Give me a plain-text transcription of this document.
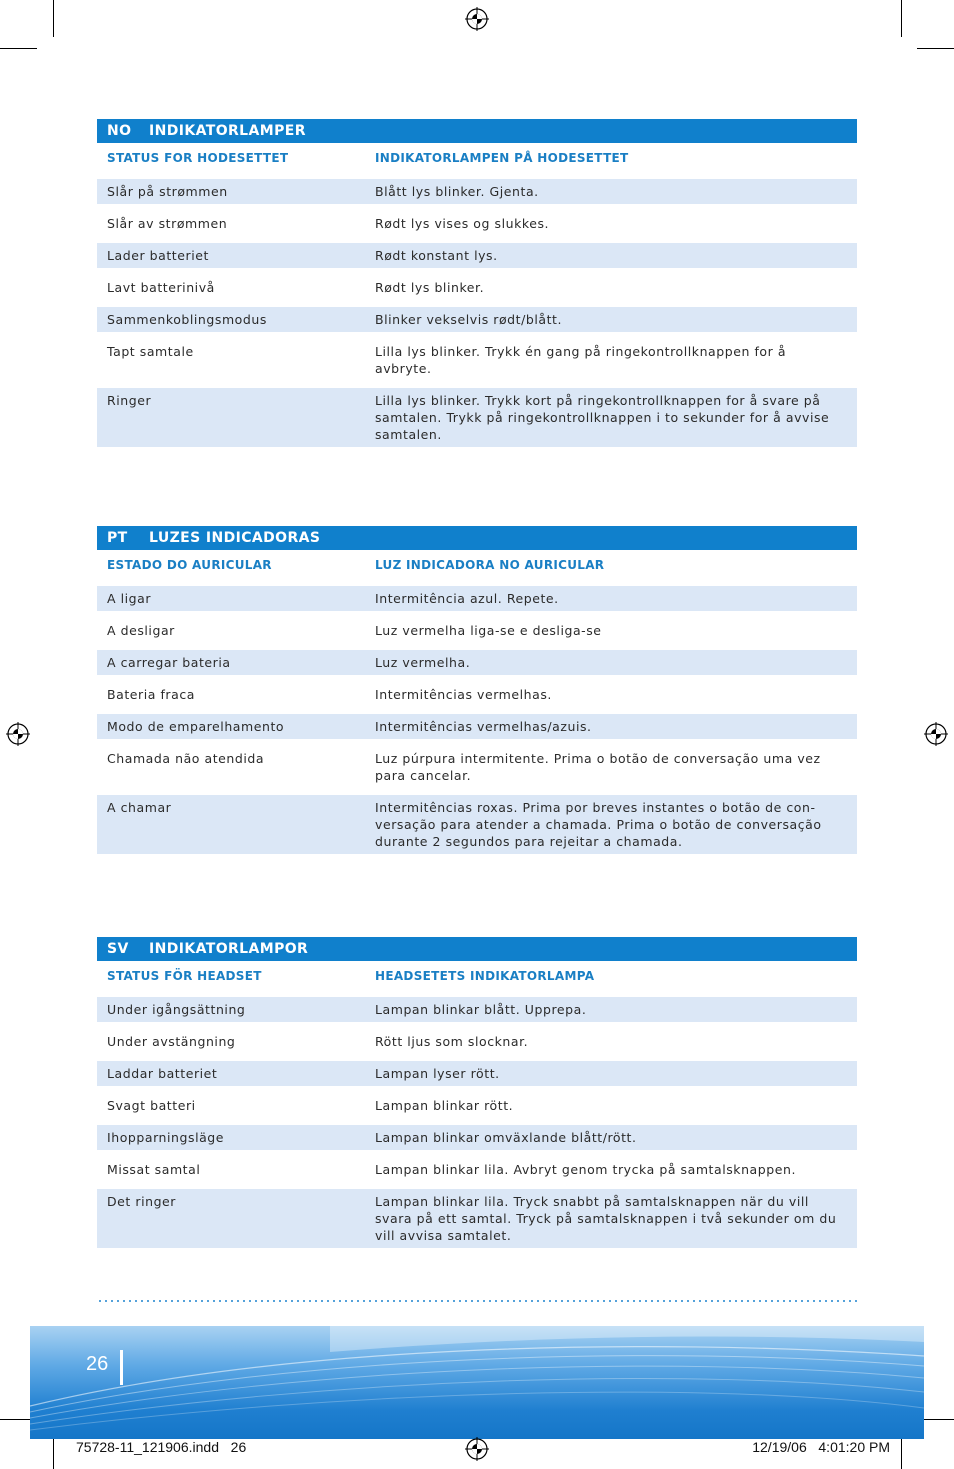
NO	INDIKATORLAMPER
STATUS FOR HODESETTET	INDIKATORLAMPEN PÅ HODESETTET
Slår på strømmen	Blått lys blinker. Gjenta.
Slår av strømmen	Rødt lys vises og slukkes.
Lader batteriet	Rødt konstant lys.
Lavt batterinivå	Rødt lys blinker.
Sammenkoblingsmodus	Blinker vekselvis rødt/blått.
Tapt samtale	Lilla lys blinker. Trykk én gang på ringekontrollknappen for å avbryte.
Ringer	Lilla lys blinker. Trykk kort på ringekontrollknappen for å svare på samtalen. Trykk på ringekontrollknappen i to sekunder for å avvise samtalen.
PT	LUZES INDICADORAS
ESTADO DO AURICULAR	LUZ INDICADORA NO AURICULAR
A ligar	Intermitência azul. Repete.
A desligar	Luz vermelha liga-se e desliga-se
A carregar bateria	Luz vermelha.
Bateria fraca	Intermitências vermelhas.
Modo de emparelhamento	Intermitências vermelhas/azuis.
Chamada não atendida	Luz púrpura intermitente. Prima o botão de conversação uma vez para cancelar.
A chamar	Intermitências roxas. Prima por breves instantes o botão de con-versação para atender a chamada. Prima o botão de conversação durante 2 segundos para rejeitar a chamada.
SV	INDIKATORLAMPOR
STATUS FÖR HEADSET	HEADSETETS INDIKATORLAMPA
Under igångsättning	Lampan blinkar blått. Upprepa.
Under avstängning	Rött ljus som slocknar.
Laddar batteriet	Lampan lyser rött.
Svagt batteri	Lampan blinkar rött.
Ihopparningsläge	Lampan blinkar omväxlande blått/rött.
Missat samtal	Lampan blinkar lila. Avbryt genom trycka på samtalsknappen.
Det ringer	Lampan blinkar lila. Tryck snabbt på samtalsknappen när du vill svara på ett samtal. Tryck på samtalsknappen i två sekunder om du vill avvisa samtalet.
26
75728-11_121906.indd   26	12/19/06   4:01:20 PM
